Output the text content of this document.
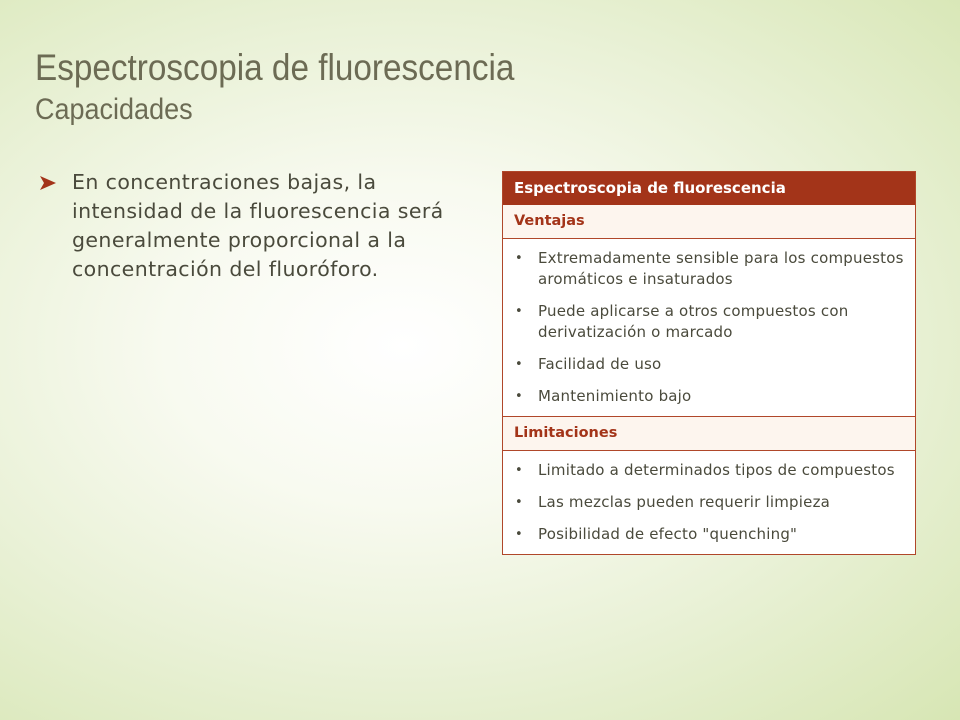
Espectroscopia de fluorescencia
Capacidades
En concentraciones bajas, la intensidad de la fluorescencia será generalmente proporcional a la concentración del fluoróforo.
Espectroscopia de fluorescencia
Ventajas
• Extremadamente sensible para los compuestos aromáticos e insaturados
• Puede aplicarse a otros compuestos con derivatización o marcado
• Facilidad de uso
• Mantenimiento bajo
Limitaciones
• Limitado a determinados tipos de compuestos
• Las mezclas pueden requerir limpieza
• Posibilidad de efecto "quenching"
